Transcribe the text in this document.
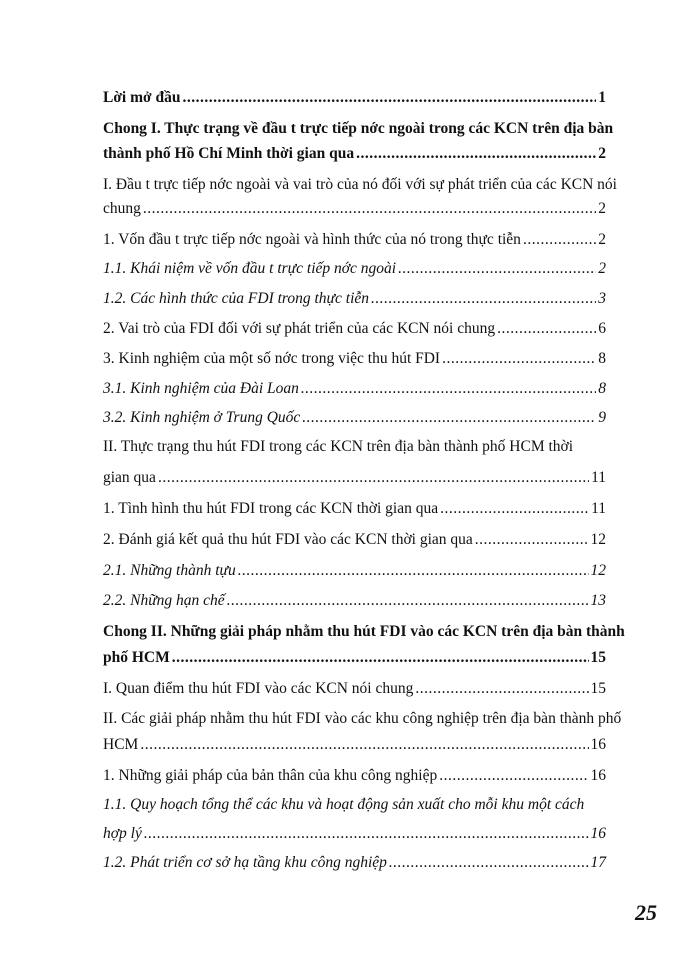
Lời mở đầu .....	1
Chong I. Thực trạng về đầu t trực tiếp nớc ngoài trong các KCN trên địa bàn
thành phố Hồ Chí Minh thời gian qua .....	2
I. Đầu t trực tiếp nớc ngoài và vai trò của nó đối với sự phát triển của các KCN nói
chung .....	2
1. Vốn đầu t trực tiếp nớc ngoài và hình thức của nó trong thực tiễn .....	2
1.1. Khái niệm về vốn đầu t trực tiếp nớc ngoài .....	2
1.2. Các hình thức của FDI trong thực tiễn .....	3
2. Vai trò của FDI đối với sự phát triển của các KCN nói chung .....	6
3. Kinh nghiệm của một số nớc trong việc thu hút FDI .....	8
3.1. Kinh nghiệm của Đài Loan .....	8
3.2. Kinh nghiệm ở Trung Quốc .....	9
II. Thực trạng thu hút FDI trong các KCN trên địa bàn thành phố HCM thời
gian qua .....	11
1. Tình hình thu hút FDI trong các KCN thời gian qua .....	11
2. Đánh giá kết quả thu hút FDI vào các KCN thời gian qua .....	12
2.1. Những thành tựu .....	12
2.2. Những hạn chế .....	13
Chong II. Những giải pháp nhằm thu hút FDI vào các KCN trên địa bàn thành
phố HCM .....	15
I. Quan điểm thu hút FDI vào các KCN nói chung .....	15
II. Các giải pháp nhằm thu hút FDI vào các khu công nghiệp trên địa bàn thành phố
HCM .....	16
1. Những giải pháp của bản thân của khu công nghiệp .....	16
1.1. Quy hoạch tổng thể các khu và hoạt động sản xuất cho mỗi khu một cách
hợp lý .....	16
1.2. Phát triển cơ sở hạ tầng khu công nghiệp .....	17
25
